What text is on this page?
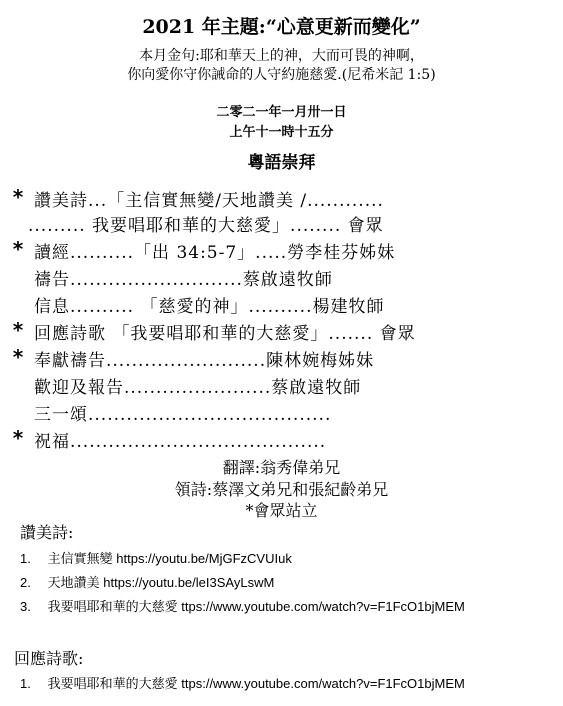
2021 年主題:“心意更新而變化”
本月金句:耶和華天上的神，大而可畏的神啊，
你向愛你守你誡命的人守約施慈愛.(尼希米記 1:5)
二零二一年一月卅一日
上午十一時十五分
粵語崇拜
* 讚美詩...「主信實無變/天地讚美 /............
......... 我要唱耶和華的大慈愛」........ 會眾
* 讀經..........「出 34:5-7」.....勞李桂芬姊妹
禱告...........................蔡啟遠牧師
信息.......... 「慈愛的神」..........楊建牧師
* 回應詩歌 「我要唱耶和華的大慈愛」....... 會眾
* 奉獻禱告.........................陳林婉梅姊妹
歡迎及報告.......................蔡啟遠牧師
三一頌......................................
* 祝福........................................
翻譯:翁秀偉弟兄
領詩:蔡澤文弟兄和張紀齡弟兄
*會眾站立
讚美詩:
1. 主信實無變 https://youtu.be/MjGFzCVUIuk
2. 天地讚美 https://youtu.be/leI3SAyLswM
3. 我要唱耶和華的大慈愛 ttps://www.youtube.com/watch?v=F1FcO1bjMEM
回應詩歌:
1. 我要唱耶和華的大慈愛 ttps://www.youtube.com/watch?v=F1FcO1bjMEM
